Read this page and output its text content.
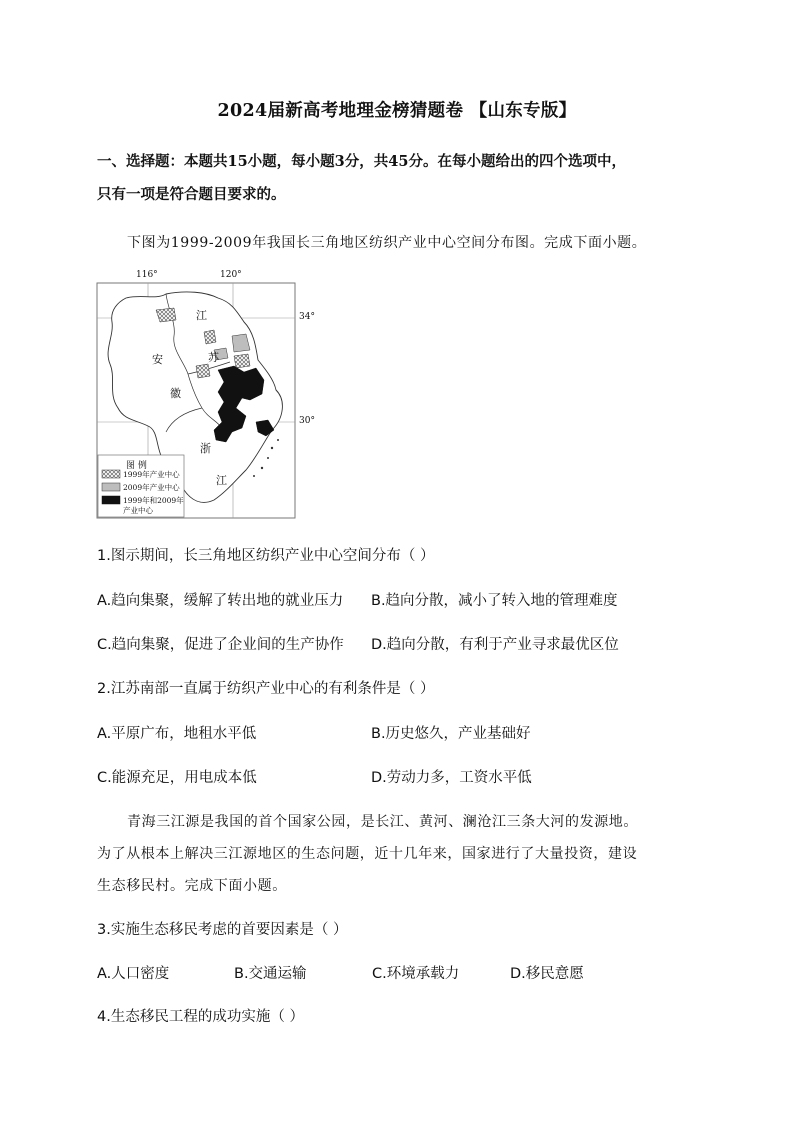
2024届新高考地理金榜猜题卷 【山东专版】
一、选择题：本题共15小题，每小题3分，共45分。在每小题给出的四个选项中，
只有一项是符合题目要求的。
下图为1999-2009年我国长三角地区纺织产业中心空间分布图。完成下面小题。
116°	120°
34°
30°
江
苏
安
徽
浙
江
图 例
1999年产业中心
2009年产业中心
1999年和2009年
产业中心
1.图示期间，长三角地区纺织产业中心空间分布（ ）
A.趋向集聚，缓解了转出地的就业压力 B.趋向分散，减小了转入地的管理难度
C.趋向集聚，促进了企业间的生产协作 D.趋向分散，有利于产业寻求最优区位
2.江苏南部一直属于纺织产业中心的有利条件是（ ）
A.平原广布，地租水平低	B.历史悠久，产业基础好
C.能源充足，用电成本低	D.劳动力多，工资水平低
青海三江源是我国的首个国家公园，是长江、黄河、澜沧江三条大河的发源地。
为了从根本上解决三江源地区的生态问题，近十几年来，国家进行了大量投资，建设
生态移民村。完成下面小题。
3.实施生态移民考虑的首要因素是（ ）
A.人口密度	B.交通运输	C.环境承载力	D.移民意愿
4.生态移民工程的成功实施（ ）
